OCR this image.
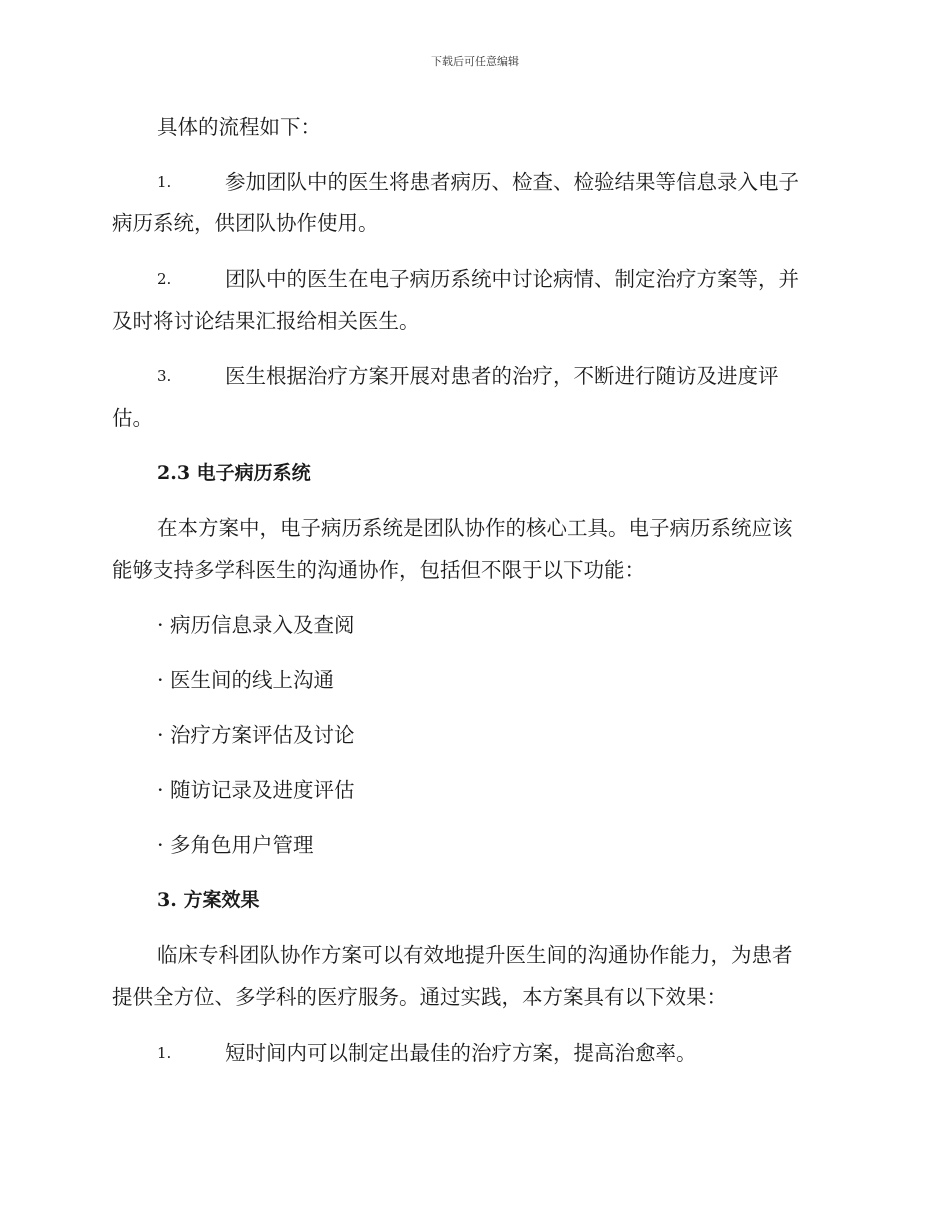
下载后可任意编辑
具体的流程如下：
1.	参加团队中的医生将患者病历、检查、检验结果等信息录入电子
病历系统，供团队协作使用。
2.	团队中的医生在电子病历系统中讨论病情、制定治疗方案等，并
及时将讨论结果汇报给相关医生。
3.	医生根据治疗方案开展对患者的治疗，不断进行随访及进度评
估。
2.3 电子病历系统
在本方案中，电子病历系统是团队协作的核心工具。电子病历系统应该
能够支持多学科医生的沟通协作，包括但不限于以下功能：
· 病历信息录入及查阅
· 医生间的线上沟通
· 治疗方案评估及讨论
· 随访记录及进度评估
· 多角色用户管理
3. 方案效果
临床专科团队协作方案可以有效地提升医生间的沟通协作能力，为患者
提供全方位、多学科的医疗服务。通过实践，本方案具有以下效果：
1.	短时间内可以制定出最佳的治疗方案，提高治愈率。
